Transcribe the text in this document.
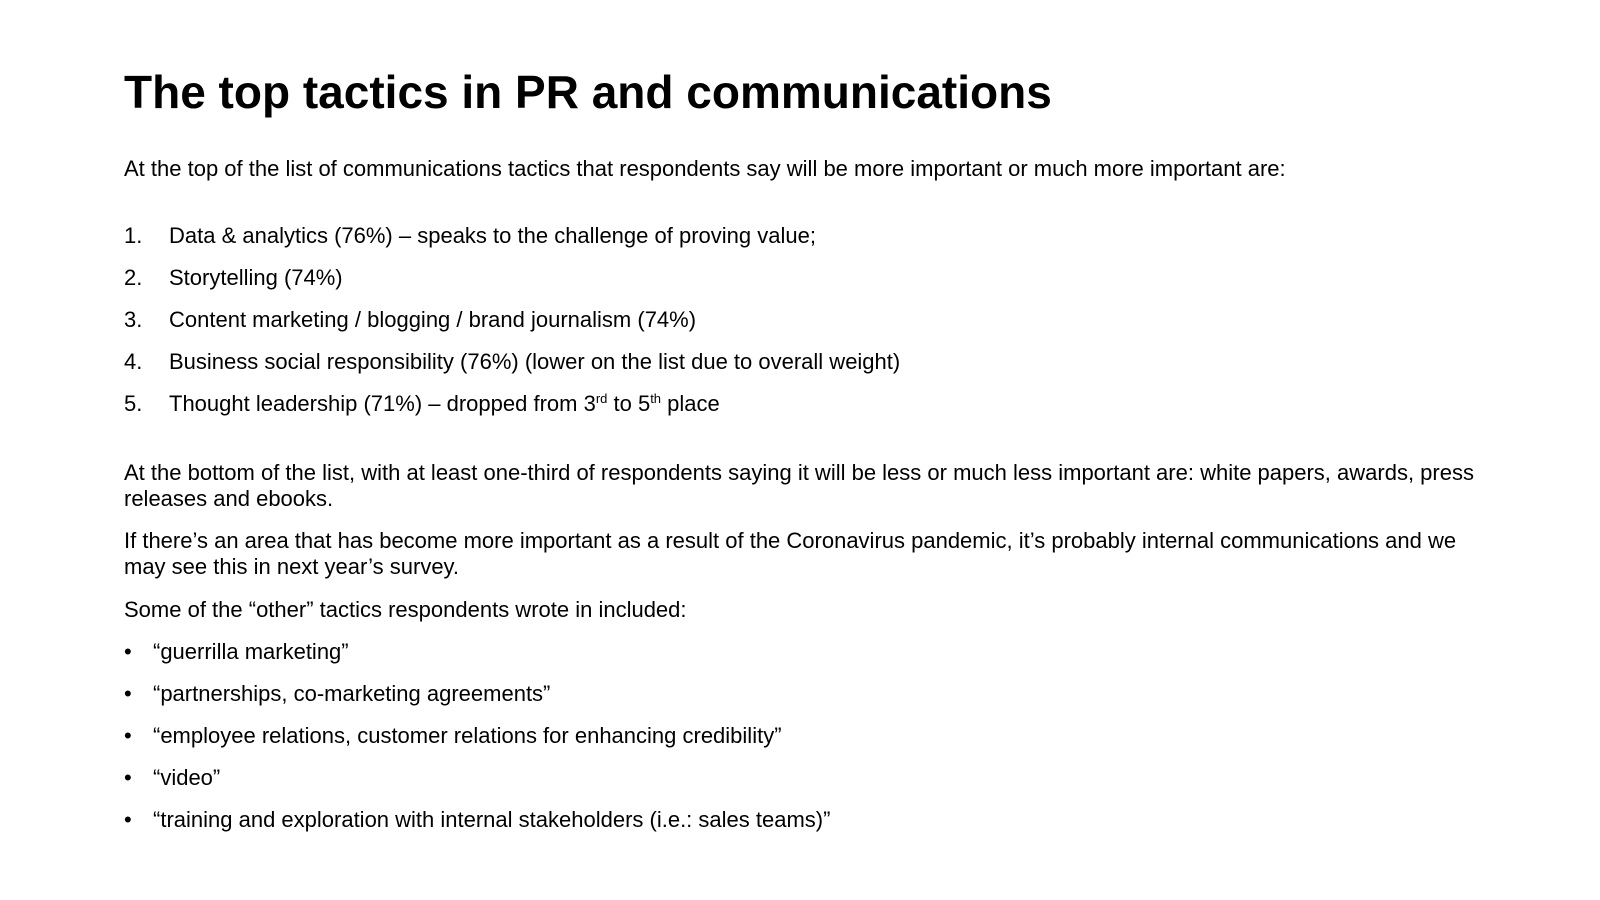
The top tactics in PR and communications

At the top of the list of communications tactics that respondents say will be more important or much more important are:

1. Data & analytics (76%) – speaks to the challenge of proving value;
2. Storytelling (74%)
3. Content marketing / blogging / brand journalism (74%)
4. Business social responsibility (76%) (lower on the list due to overall weight)
5. Thought leadership (71%) – dropped from 3rd to 5th place

At the bottom of the list, with at least one-third of respondents saying it will be less or much less important are: white papers, awards, press releases and ebooks.

If there’s an area that has become more important as a result of the Coronavirus pandemic, it’s probably internal communications and we may see this in next year’s survey.

Some of the “other” tactics respondents wrote in included:

• “guerrilla marketing”
• “partnerships, co-marketing agreements”
• “employee relations, customer relations for enhancing credibility”
• “video”
• “training and exploration with internal stakeholders (i.e.: sales teams)”
